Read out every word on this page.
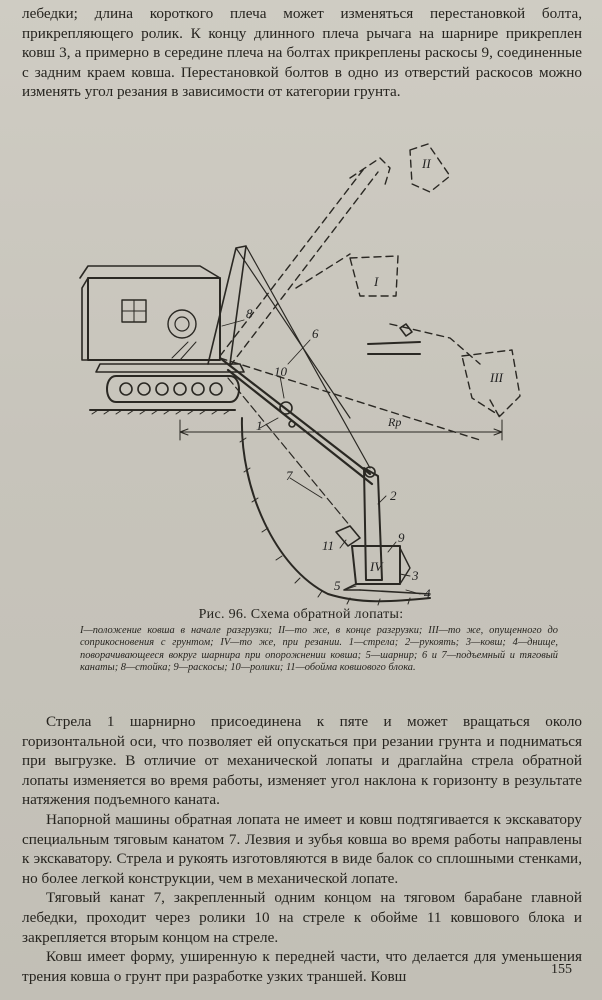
лебедки; длина короткого плеча может изменяться перестановкой болта, прикрепляющего ролик. К концу длинного плеча рычага на шарнире прикреплен ковш 3, а примерно в середине плеча на болтах прикреплены раскосы 9, соединенные с задним краем ковша. Перестановкой болтов в одно из отверстий раскосов можно изменять угол резания в зависимости от категории грунта.

8
6
10
1
7
2
9
3
4
5
11
IV
I
II
III
Rp
Рис. 96. Схема обратной лопаты:
I—положение ковша в начале разгрузки; II—то же, в конце разгрузки; III—то же, опущенного до соприкосновения с грунтом; IV—то же, при резании. 1—стрела; 2—рукоять; 3—ковш; 4—днище, поворачивающееся вокруг шарнира при опорожнении ковша; 5—шарнир; 6 и 7—подъемный и тяговый канаты; 8—стойка; 9—раскосы; 10—ролики; 11—обойма ковшового блока.

Стрела 1 шарнирно присоединена к пяте и может вращаться около горизонтальной оси, что позволяет ей опускаться при резании грунта и подниматься при выгрузке. В отличие от механической лопаты и драглайна стрела обратной лопаты изменяется во время работы, изменяет угол наклона к горизонту в результате натяжения подъемного каната.

Напорной машины обратная лопата не имеет и ковш подтягивается к экскаватору специальным тяговым канатом 7. Лезвия и зубья ковша во время работы направлены к экскаватору. Стрела и рукоять изготовляются в виде балок со сплошными стенками, но более легкой конструкции, чем в механической лопате.

Тяговый канат 7, закрепленный одним концом на тяговом барабане главной лебедки, проходит через ролики 10 на стреле к обойме 11 ковшового блока и закрепляется вторым концом на стреле.

Ковш имеет форму, уширенную к передней части, что делается для уменьшения трения ковша о грунт при разработке узких траншей. Ковш	155
